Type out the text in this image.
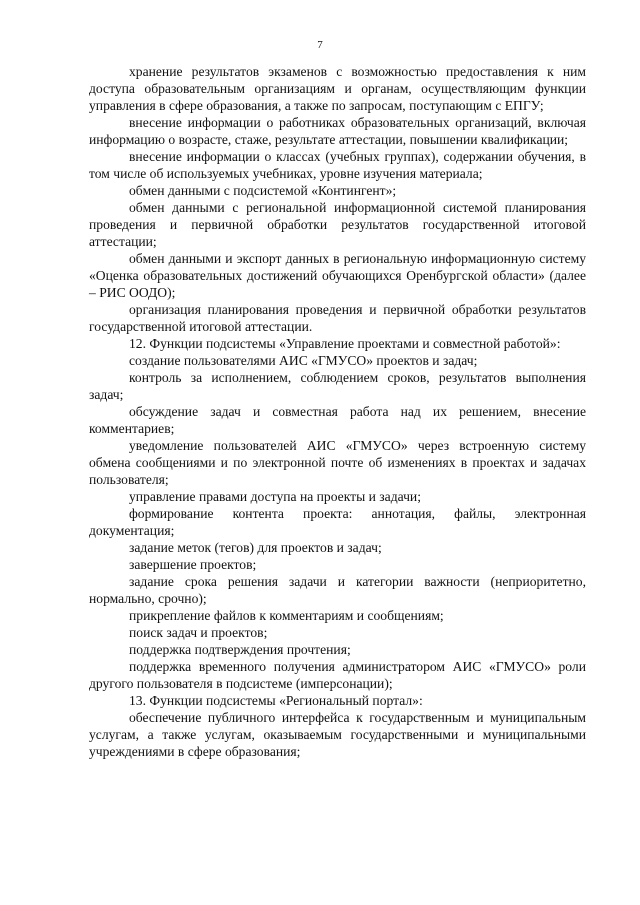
7

хранение результатов экзаменов с возможностью предоставления к ним доступа образовательным организациям и органам, осуществляющим функции управления в сфере образования, а также по запросам, поступающим с ЕПГУ;

внесение информации о работниках образовательных организаций, включая информацию о возрасте, стаже, результате аттестации, повышении квалификации;

внесение информации о классах (учебных группах), содержании обучения, в том числе об используемых учебниках, уровне изучения материала;

обмен данными с подсистемой «Контингент»;

обмен данными с региональной информационной системой планирования проведения и первичной обработки результатов государственной итоговой аттестации;

обмен данными и экспорт данных в региональную информационную систему «Оценка образовательных достижений обучающихся Оренбургской области» (далее – РИС ООДО);

организация планирования проведения и первичной обработки результатов государственной итоговой аттестации.

12. Функции подсистемы «Управление проектами и совместной работой»:

создание пользователями АИС «ГМУСО» проектов и задач;

контроль за исполнением, соблюдением сроков, результатов выполнения задач;

обсуждение задач и совместная работа над их решением, внесение комментариев;

уведомление пользователей АИС «ГМУСО» через встроенную систему обмена сообщениями и по электронной почте об изменениях в проектах и задачах пользователя;

управление правами доступа на проекты и задачи;

формирование контента проекта: аннотация, файлы, электронная документация;

задание меток (тегов) для проектов и задач;

завершение проектов;

задание срока решения задачи и категории важности (неприоритетно, нормально, срочно);

прикрепление файлов к комментариям и сообщениям;

поиск задач и проектов;

поддержка подтверждения прочтения;

поддержка временного получения администратором АИС «ГМУСО» роли другого пользователя в подсистеме (имперсонации);

13. Функции подсистемы «Региональный портал»:

обеспечение публичного интерфейса к государственным и муниципальным услугам, а также услугам, оказываемым государственными и муниципальными учреждениями в сфере образования;
